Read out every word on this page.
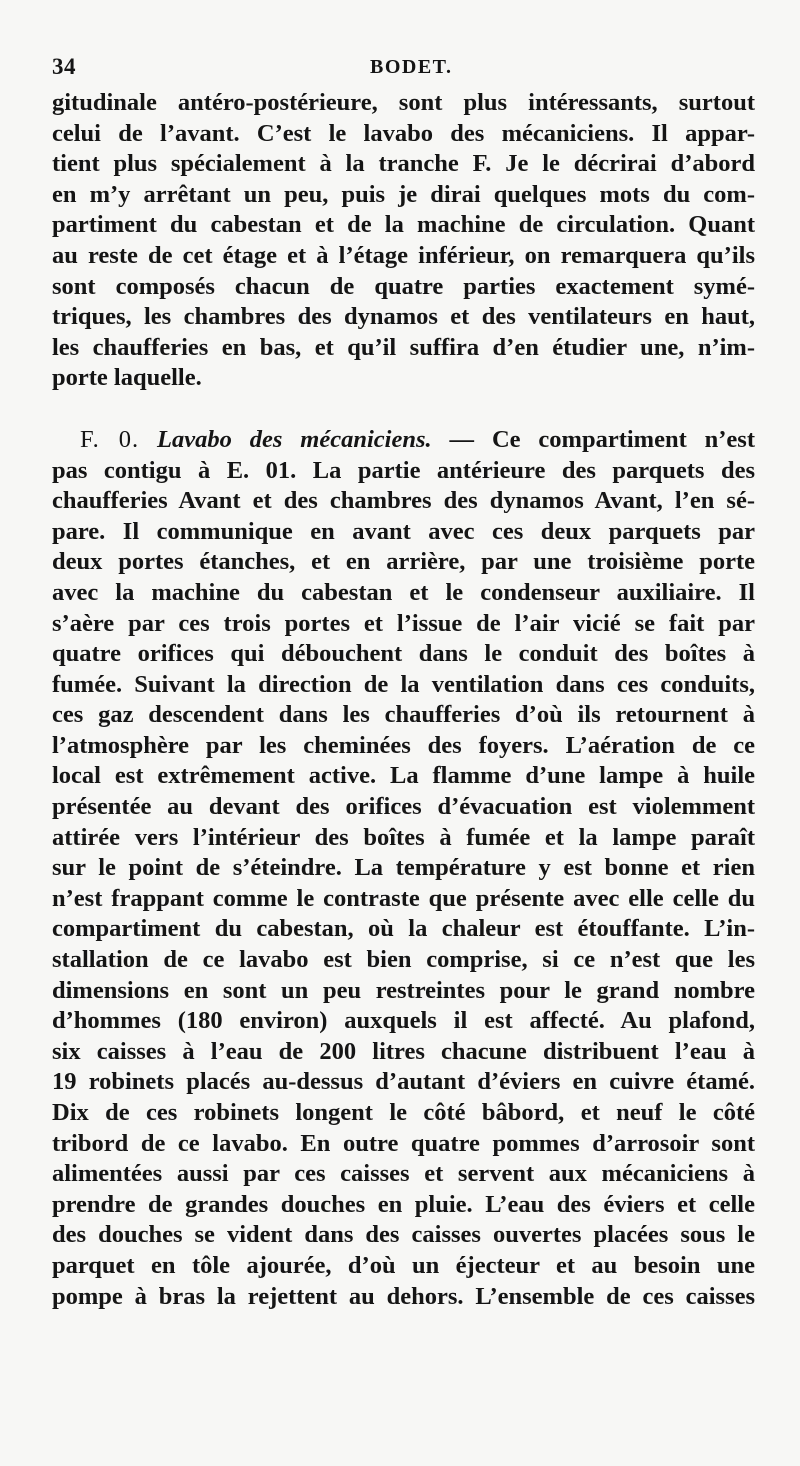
34	BODET.
gitudinale antéro-postérieure, sont plus intéressants, surtout
celui de l’avant. C’est le lavabo des mécaniciens. Il appar-
tient plus spécialement à la tranche F. Je le décrirai d’abord
en m’y arrêtant un peu, puis je dirai quelques mots du com-
partiment du cabestan et de la machine de circulation. Quant
au reste de cet étage et à l’étage inférieur, on remarquera qu’ils
sont composés chacun de quatre parties exactement symé-
triques, les chambres des dynamos et des ventilateurs en haut,
les chaufferies en bas, et qu’il suffira d’en étudier une, n’im-
porte laquelle.
F. 0. Lavabo des mécaniciens. — Ce compartiment n’est
pas contigu à E. 01. La partie antérieure des parquets des
chaufferies Avant et des chambres des dynamos Avant, l’en sé-
pare. Il communique en avant avec ces deux parquets par
deux portes étanches, et en arrière, par une troisième porte
avec la machine du cabestan et le condenseur auxiliaire. Il
s’aère par ces trois portes et l’issue de l’air vicié se fait par
quatre orifices qui débouchent dans le conduit des boîtes à
fumée. Suivant la direction de la ventilation dans ces conduits,
ces gaz descendent dans les chaufferies d’où ils retournent à
l’atmosphère par les cheminées des foyers. L’aération de ce
local est extrêmement active. La flamme d’une lampe à huile
présentée au devant des orifices d’évacuation est violemment
attirée vers l’intérieur des boîtes à fumée et la lampe paraît
sur le point de s’éteindre. La température y est bonne et rien
n’est frappant comme le contraste que présente avec elle celle du
compartiment du cabestan, où la chaleur est étouffante. L’in-
stallation de ce lavabo est bien comprise, si ce n’est que les
dimensions en sont un peu restreintes pour le grand nombre
d’hommes (180 environ) auxquels il est affecté. Au plafond,
six caisses à l’eau de 200 litres chacune distribuent l’eau à
19 robinets placés au-dessus d’autant d’éviers en cuivre étamé.
Dix de ces robinets longent le côté bâbord, et neuf le côté
tribord de ce lavabo. En outre quatre pommes d’arrosoir sont
alimentées aussi par ces caisses et servent aux mécaniciens à
prendre de grandes douches en pluie. L’eau des éviers et celle
des douches se vident dans des caisses ouvertes placées sous le
parquet en tôle ajourée, d’où un éjecteur et au besoin une
pompe à bras la rejettent au dehors. L’ensemble de ces caisses
